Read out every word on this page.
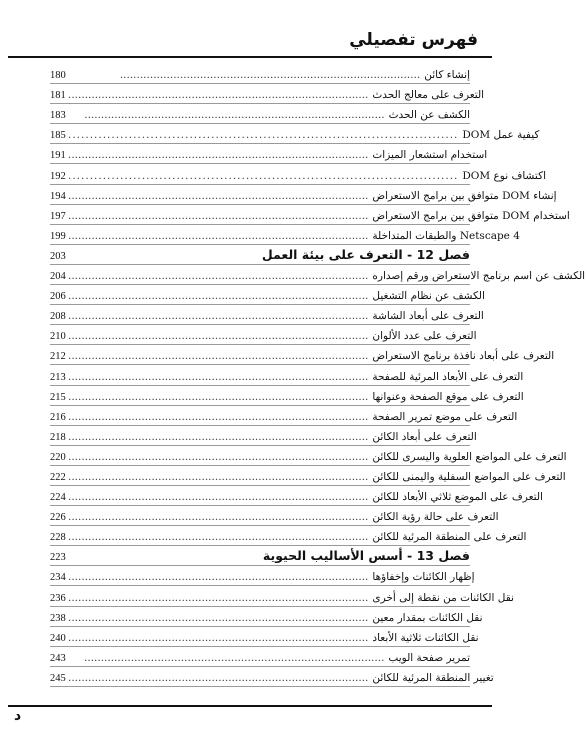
فهرس تفصيلي
180	إنشاء كائن..........................................................................................
181	التعرف على معالج الحدث..........................................................................................
183	الكشف عن الحدث..........................................................................................
185	كيفية عمل DOM..........................................................................................
191	استخدام استشعار الميزات..........................................................................................
192	اكتشاف نوع DOM..........................................................................................
194	إنشاء DOM متوافق بين برامج الاستعراض..........................................................................................
197	استخدام DOM متوافق بين برامج الاستعراض..........................................................................................
199	Netscape 4 والطبقات المتداخلة..........................................................................................
203	فصل 12 - التعرف على بيئة العمل
204	الكشف عن اسم برنامج الاستعراض ورقم إصداره..........................................................................................
206	الكشف عن نظام التشغيل..........................................................................................
208	التعرف على أبعاد الشاشة..........................................................................................
210	التعرف على عدد الألوان..........................................................................................
212	التعرف على أبعاد نافذة برنامج الاستعراض..........................................................................................
213	التعرف على الأبعاد المرئية للصفحة..........................................................................................
215	التعرف على موقع الصفحة وعنوانها..........................................................................................
216	التعرف على موضع تمرير الصفحة..........................................................................................
218	التعرف على أبعاد الكائن..........................................................................................
220	التعرف على المواضع العلوية واليسرى للكائن..........................................................................................
222	التعرف على المواضع السفلية واليمنى للكائن..........................................................................................
224	التعرف على الموضع ثلاثي الأبعاد للكائن..........................................................................................
226	التعرف على حالة رؤية الكائن..........................................................................................
228	التعرف على المنطقة المرئية للكائن..........................................................................................
223	فصل 13 - أسس الأساليب الحيوية
234	إظهار الكائنات وإخفاؤها..........................................................................................
236	نقل الكائنات من نقطة إلى أخرى..........................................................................................
238	نقل الكائنات بمقدار معين..........................................................................................
240	نقل الكائنات ثلاثية الأبعاد..........................................................................................
243	تمرير صفحة الويب..........................................................................................
245	تغيير المنطقة المرئية للكائن..........................................................................................
د
